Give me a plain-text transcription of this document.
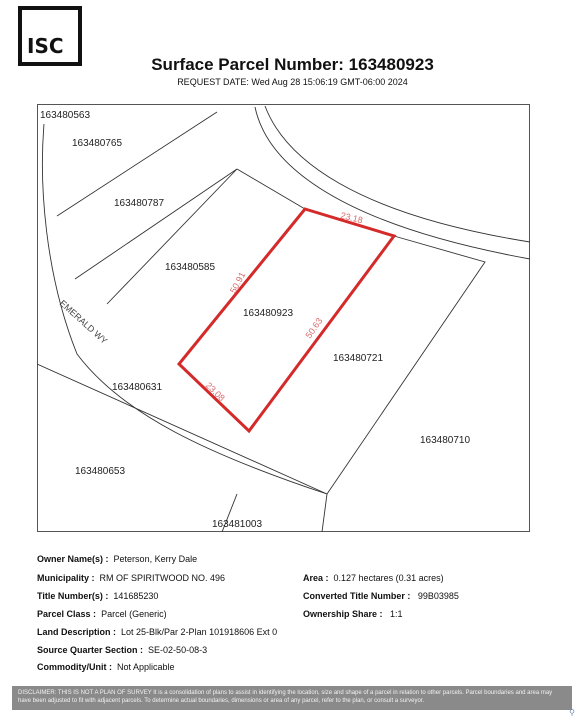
ISC
Surface Parcel Number: 163480923
REQUEST DATE: Wed Aug 28 15:06:19 GMT-06:00 2024
163480563
163480765
163480787
163480585
163480923
163480721
163480631
163480710
163480653
163481003
EMERALD WY
23.18
50.91
50.63
23.08
Owner Name(s) : Peterson, Kerry Dale
Municipality : RM OF SPIRITWOOD NO. 496
Title Number(s) : 141685230
Parcel Class : Parcel (Generic)
Land Description : Lot 25-Blk/Par 2-Plan 101918606 Ext 0
Source Quarter Section : SE-02-50-08-3
Commodity/Unit : Not Applicable
Area : 0.127 hectares (0.31 acres)
Converted Title Number : 99B03985
Ownership Share : 1:1
DISCLAIMER: THIS IS NOT A PLAN OF SURVEY It is a consolidation of plans to assist in identifying the location, size and shape of a parcel in relation to other parcels. Parcel boundaries and area may have been adjusted to fit with adjacent parcels. To determine actual boundaries, dimensions or area of any parcel, refer to the plan, or consult a surveyor.
⚲
